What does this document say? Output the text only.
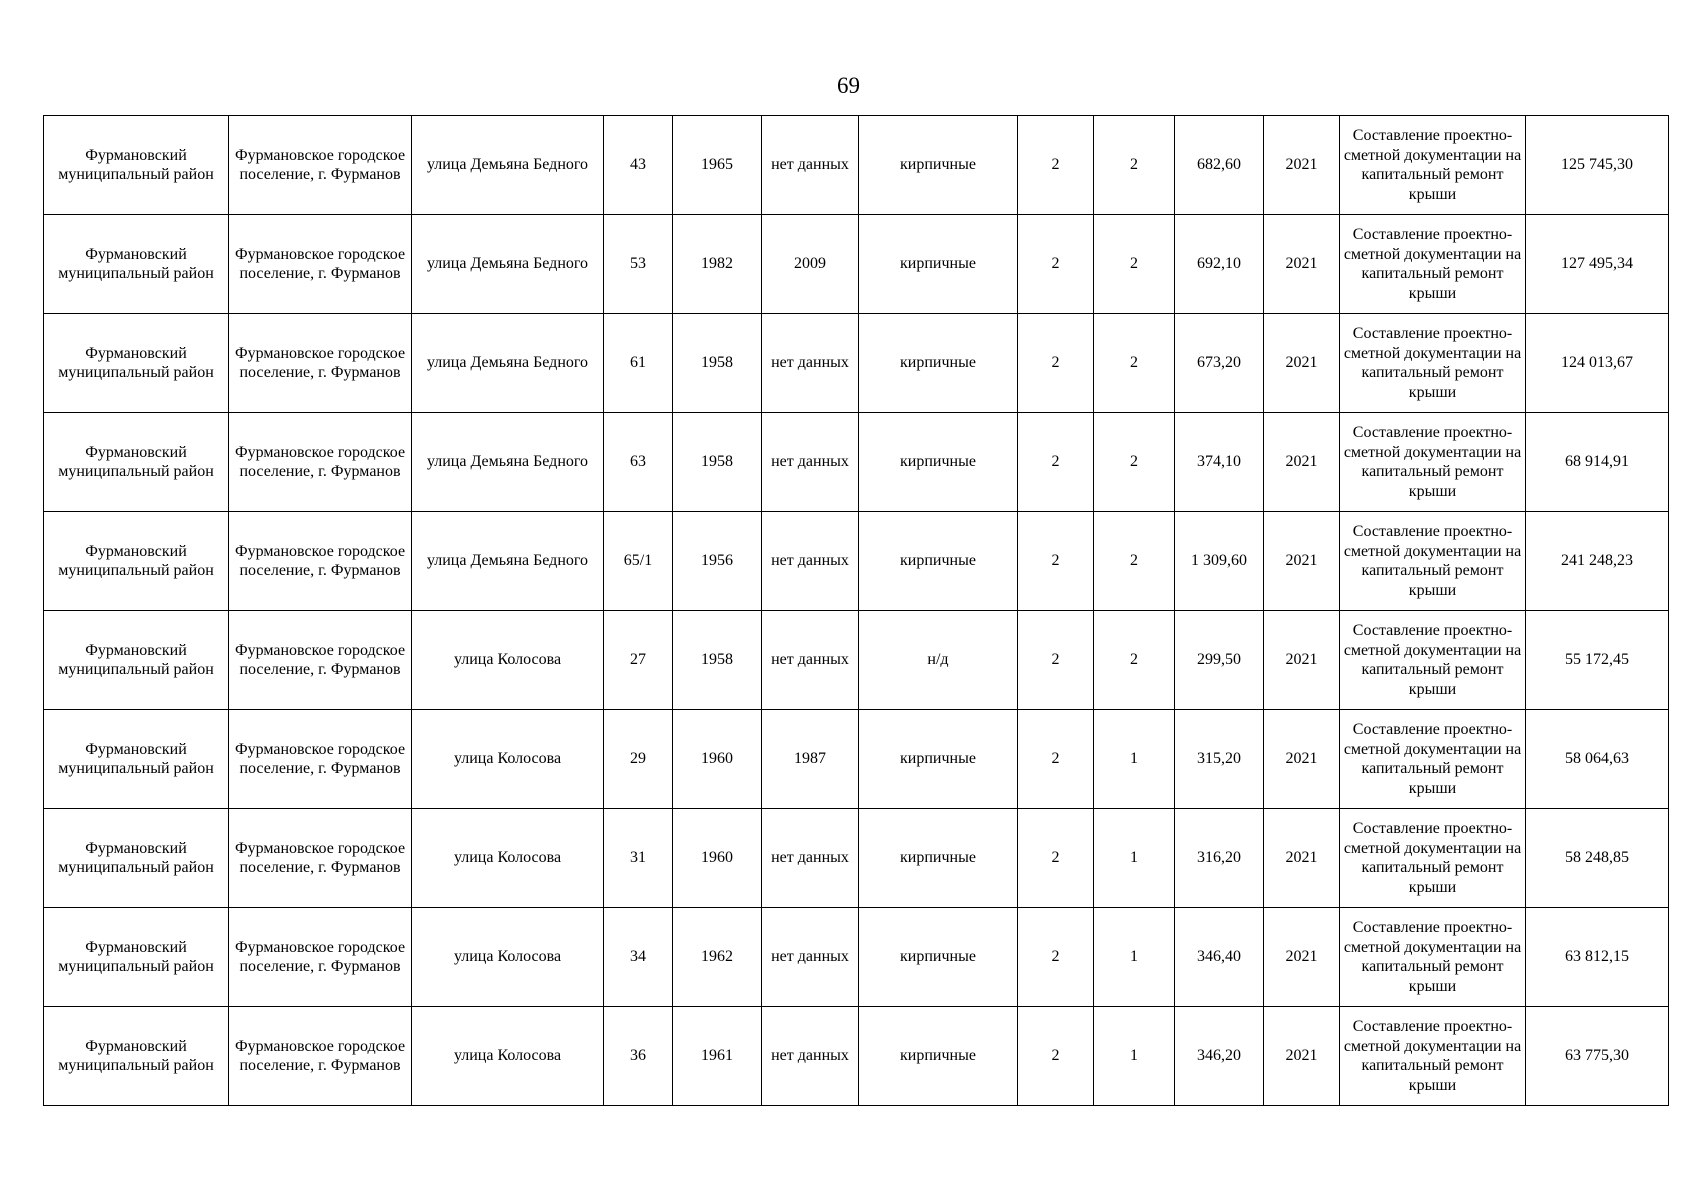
69
Фурмановский муниципальный район	Фурмановское городское поселение, г. Фурманов	улица Демьяна Бедного	43	1965	нет данных	кирпичные	2	2	682,60	2021	Составление проектно-сметной документации на капитальный ремонт крыши	125 745,30
Фурмановский муниципальный район	Фурмановское городское поселение, г. Фурманов	улица Демьяна Бедного	53	1982	2009	кирпичные	2	2	692,10	2021	Составление проектно-сметной документации на капитальный ремонт крыши	127 495,34
Фурмановский муниципальный район	Фурмановское городское поселение, г. Фурманов	улица Демьяна Бедного	61	1958	нет данных	кирпичные	2	2	673,20	2021	Составление проектно-сметной документации на капитальный ремонт крыши	124 013,67
Фурмановский муниципальный район	Фурмановское городское поселение, г. Фурманов	улица Демьяна Бедного	63	1958	нет данных	кирпичные	2	2	374,10	2021	Составление проектно-сметной документации на капитальный ремонт крыши	68 914,91
Фурмановский муниципальный район	Фурмановское городское поселение, г. Фурманов	улица Демьяна Бедного	65/1	1956	нет данных	кирпичные	2	2	1 309,60	2021	Составление проектно-сметной документации на капитальный ремонт крыши	241 248,23
Фурмановский муниципальный район	Фурмановское городское поселение, г. Фурманов	улица Колосова	27	1958	нет данных	н/д	2	2	299,50	2021	Составление проектно-сметной документации на капитальный ремонт крыши	55 172,45
Фурмановский муниципальный район	Фурмановское городское поселение, г. Фурманов	улица Колосова	29	1960	1987	кирпичные	2	1	315,20	2021	Составление проектно-сметной документации на капитальный ремонт крыши	58 064,63
Фурмановский муниципальный район	Фурмановское городское поселение, г. Фурманов	улица Колосова	31	1960	нет данных	кирпичные	2	1	316,20	2021	Составление проектно-сметной документации на капитальный ремонт крыши	58 248,85
Фурмановский муниципальный район	Фурмановское городское поселение, г. Фурманов	улица Колосова	34	1962	нет данных	кирпичные	2	1	346,40	2021	Составление проектно-сметной документации на капитальный ремонт крыши	63 812,15
Фурмановский муниципальный район	Фурмановское городское поселение, г. Фурманов	улица Колосова	36	1961	нет данных	кирпичные	2	1	346,20	2021	Составление проектно-сметной документации на капитальный ремонт крыши	63 775,30
